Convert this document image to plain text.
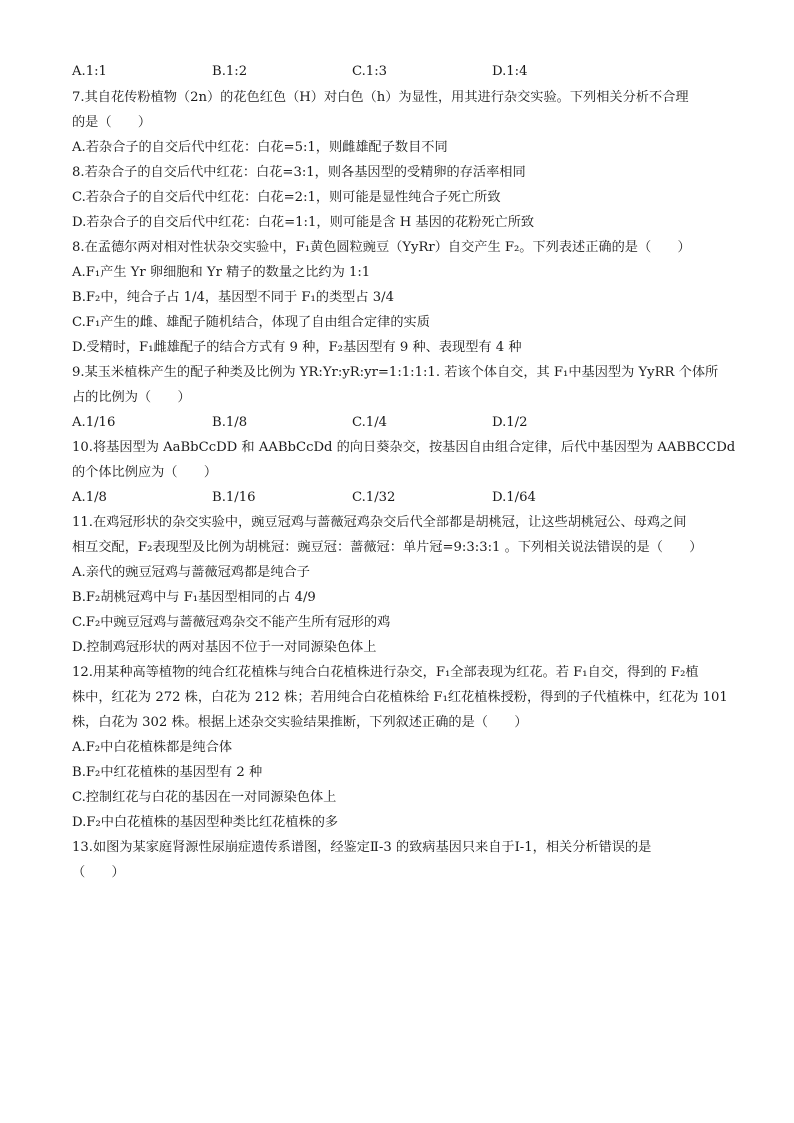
A.1:1	B.1:2	C.1:3	D.1:4
7.其自花传粉植物（2n）的花色红色（H）对白色（h）为显性，用其进行杂交实验。下列相关分析不合理
的是（　　）
A.若杂合子的自交后代中红花：白花=5:1，则雌雄配子数目不同
8.若杂合子的自交后代中红花：白花=3:1，则各基因型的受精卵的存活率相同
C.若杂合子的自交后代中红花：白花=2:1，则可能是显性纯合子死亡所致
D.若杂合子的自交后代中红花：白花=1:1，则可能是含 H 基因的花粉死亡所致
8.在孟德尔两对相对性状杂交实验中，F₁黄色圆粒豌豆（YyRr）自交产生 F₂。下列表述正确的是（　　）
A.F₁产生 Yr 卵细胞和 Yr 精子的数量之比约为 1:1
B.F₂中，纯合子占 1/4，基因型不同于 F₁的类型占 3/4
C.F₁产生的雌、雄配子随机结合，体现了自由组合定律的实质
D.受精时，F₁雌雄配子的结合方式有 9 种，F₂基因型有 9 种、表现型有 4 种
9.某玉米植株产生的配子种类及比例为 YR:Yr:yR:yr=1:1:1:1. 若该个体自交，其 F₁中基因型为 YyRR 个体所
占的比例为（　　）
A.1/16	B.1/8	C.1/4	D.1/2
10.将基因型为 AaBbCcDD 和 AABbCcDd 的向日葵杂交，按基因自由组合定律，后代中基因型为 AABBCCDd
的个体比例应为（　　）
A.1/8	B.1/16	C.1/32	D.1/64
11.在鸡冠形状的杂交实验中，豌豆冠鸡与蔷薇冠鸡杂交后代全部都是胡桃冠，让这些胡桃冠公、母鸡之间
相互交配，F₂表现型及比例为胡桃冠：豌豆冠：蔷薇冠：单片冠=9:3:3:1 。下列相关说法错误的是（　　）
A.亲代的豌豆冠鸡与蔷薇冠鸡都是纯合子
B.F₂胡桃冠鸡中与 F₁基因型相同的占 4/9
C.F₂中豌豆冠鸡与蔷薇冠鸡杂交不能产生所有冠形的鸡
D.控制鸡冠形状的两对基因不位于一对同源染色体上
12.用某种高等植物的纯合红花植株与纯合白花植株进行杂交，F₁全部表现为红花。若 F₁自交，得到的 F₂植
株中，红花为 272 株，白花为 212 株；若用纯合白花植株给 F₁红花植株授粉，得到的子代植株中，红花为 101
株，白花为 302 株。根据上述杂交实验结果推断，下列叙述正确的是（　　）
A.F₂中白花植株都是纯合体
B.F₂中红花植株的基因型有 2 种
C.控制红花与白花的基因在一对同源染色体上
D.F₂中白花植株的基因型种类比红花植株的多
13.如图为某家庭肾源性尿崩症遗传系谱图，经鉴定Ⅱ-3 的致病基因只来自于Ⅰ-1，相关分析错误的是
（　　）
